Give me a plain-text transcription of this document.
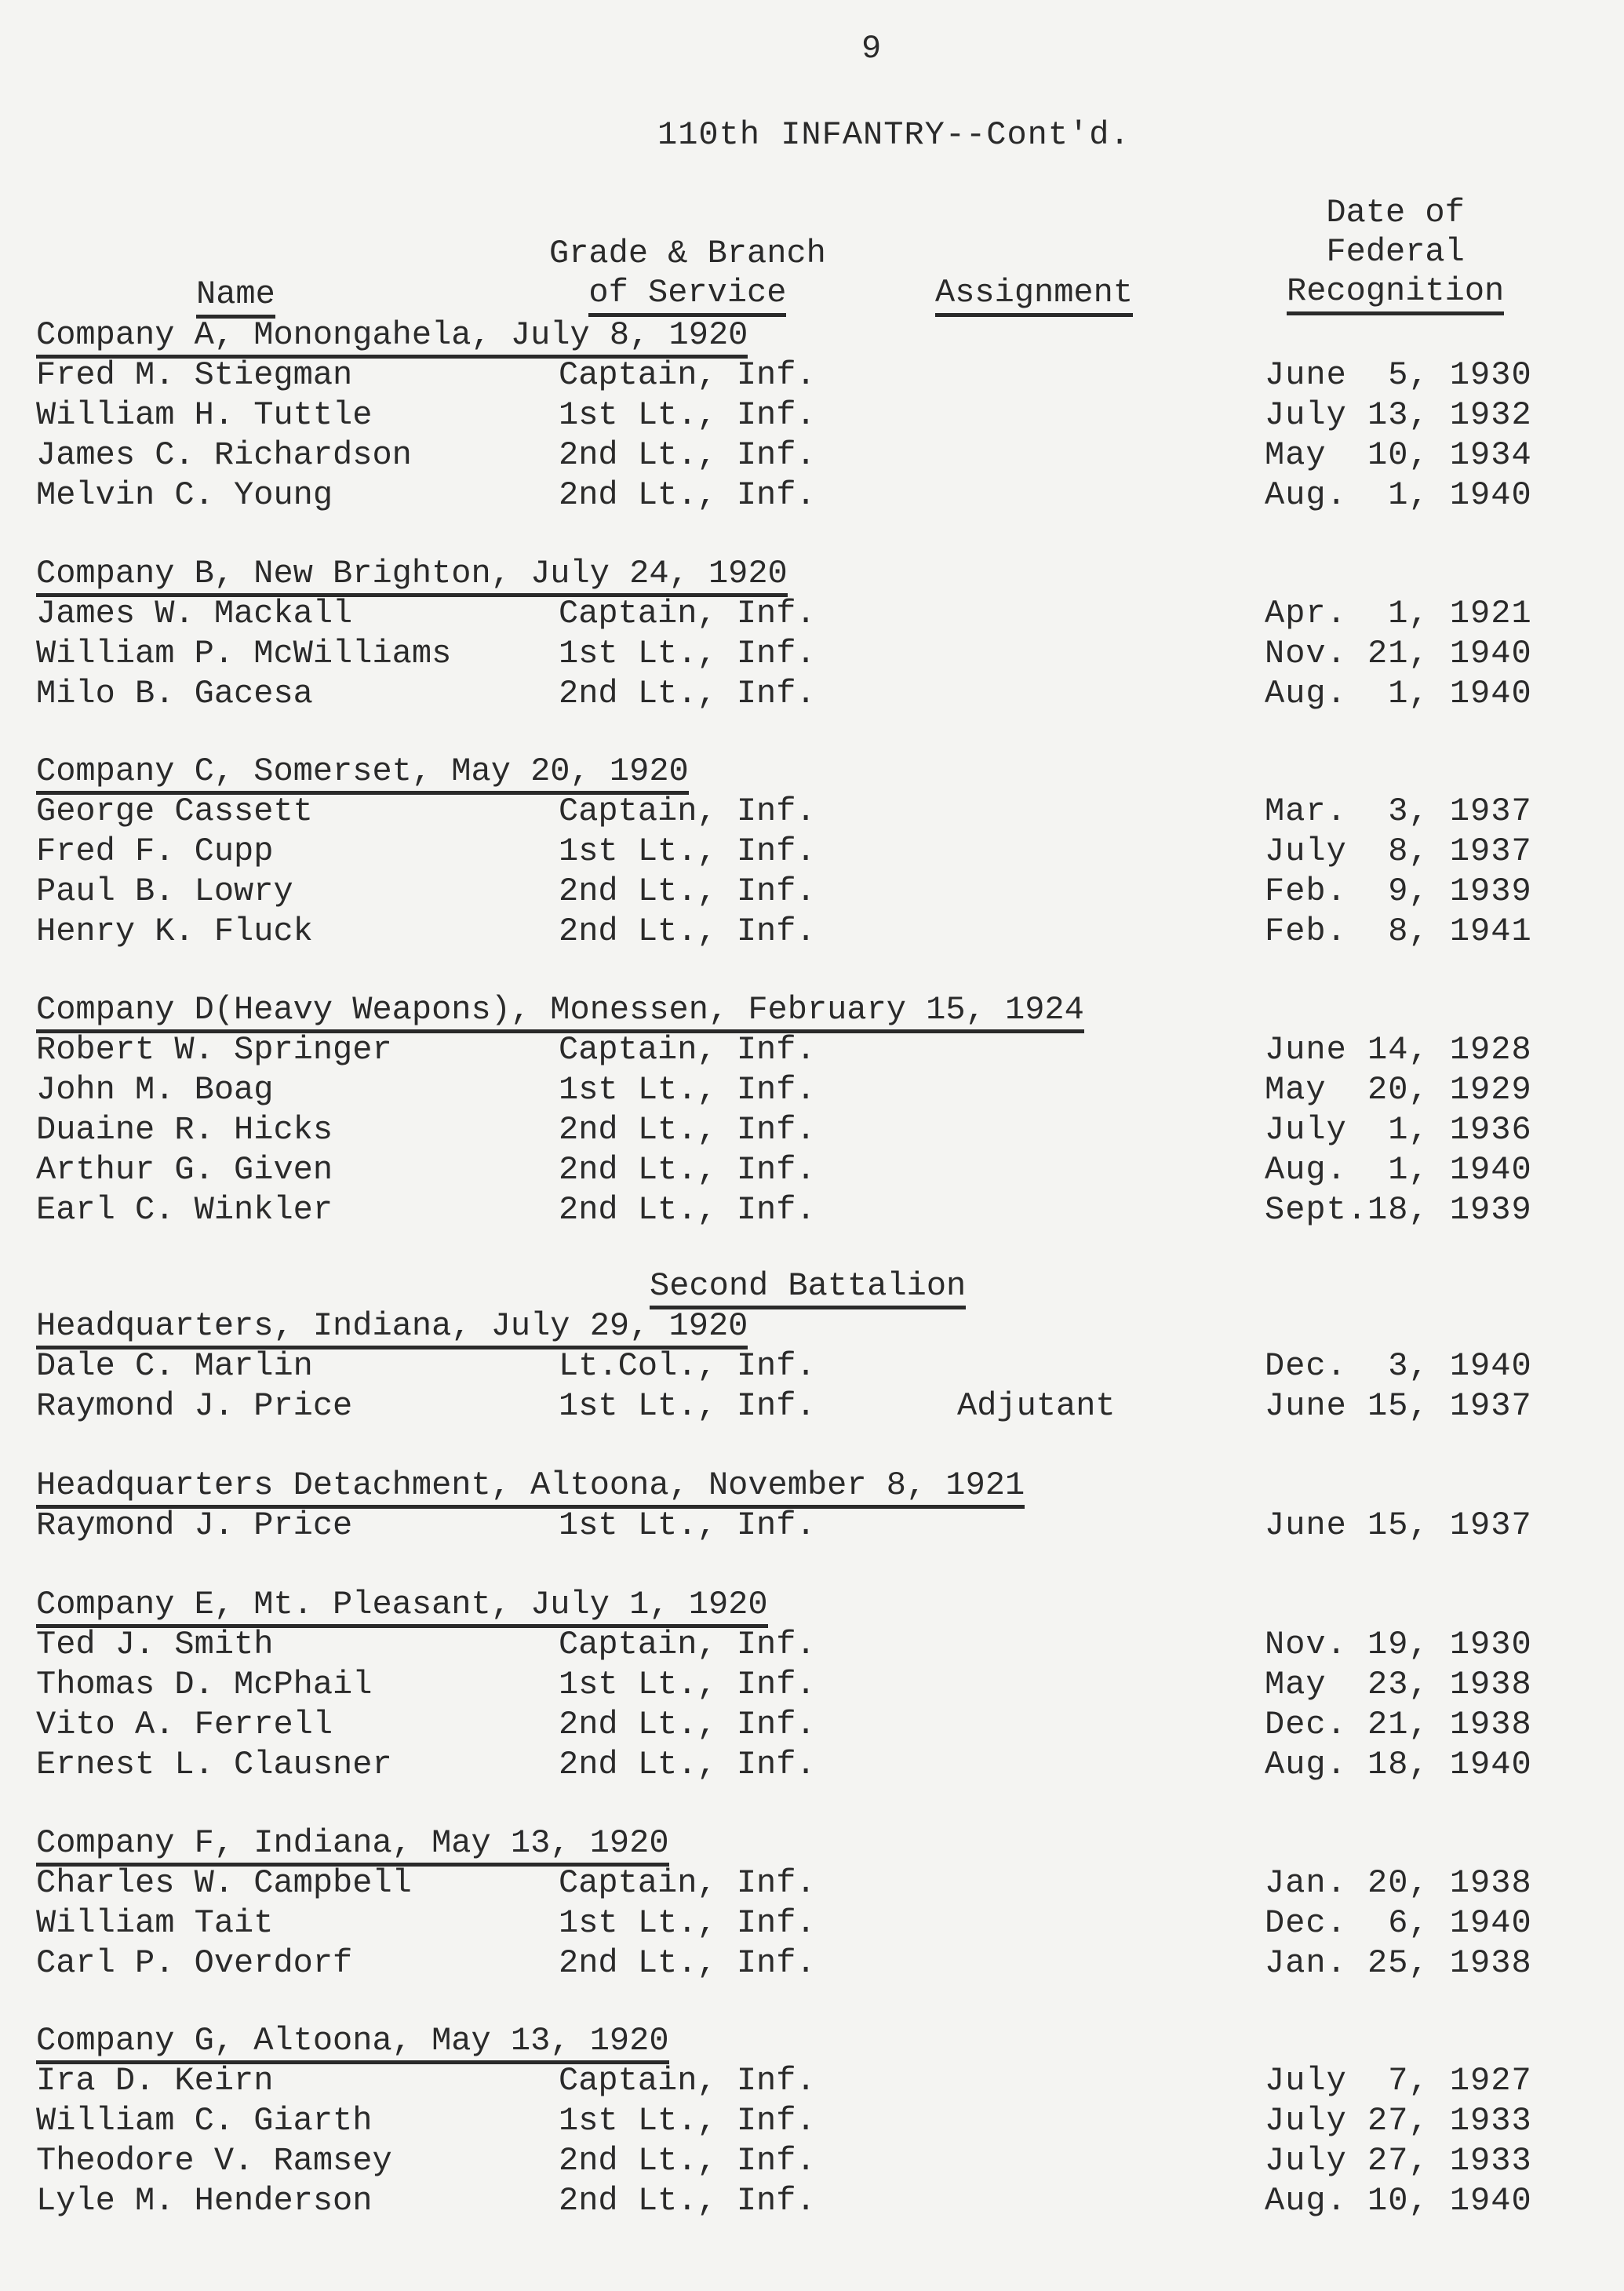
9
110th INFANTRY--Cont'd.
Name
Grade & Branch
of Service	Assignment
Date of
Federal
Recognition
Company A, Monongahela, July 8, 1920
Fred M. Stiegman	Captain, Inf.	June  5, 1930
William H. Tuttle	1st Lt., Inf.	July 13, 1932
James C. Richardson	2nd Lt., Inf.	May  10, 1934
Melvin C. Young	2nd Lt., Inf.	Aug.  1, 1940
Company B, New Brighton, July 24, 1920
James W. Mackall	Captain, Inf.	Apr.  1, 1921
William P. McWilliams	1st Lt., Inf.	Nov. 21, 1940
Milo B. Gacesa	2nd Lt., Inf.	Aug.  1, 1940
Company C, Somerset, May 20, 1920
George Cassett	Captain, Inf.	Mar.  3, 1937
Fred F. Cupp	1st Lt., Inf.	July  8, 1937
Paul B. Lowry	2nd Lt., Inf.	Feb.  9, 1939
Henry K. Fluck	2nd Lt., Inf.	Feb.  8, 1941
Company D(Heavy Weapons), Monessen, February 15, 1924
Robert W. Springer	Captain, Inf.	June 14, 1928
John M. Boag	1st Lt., Inf.	May  20, 1929
Duaine R. Hicks	2nd Lt., Inf.	July  1, 1936
Arthur G. Given	2nd Lt., Inf.	Aug.  1, 1940
Earl C. Winkler	2nd Lt., Inf.	Sept.18, 1939
Second Battalion
Headquarters, Indiana, July 29, 1920
Dale C. Marlin	Lt.Col., Inf.	Dec.  3, 1940
Raymond J. Price	1st Lt., Inf.	Adjutant	June 15, 1937
Headquarters Detachment, Altoona, November 8, 1921
Raymond J. Price	1st Lt., Inf.	June 15, 1937
Company E, Mt. Pleasant, July 1, 1920
Ted J. Smith	Captain, Inf.	Nov. 19, 1930
Thomas D. McPhail	1st Lt., Inf.	May  23, 1938
Vito A. Ferrell	2nd Lt., Inf.	Dec. 21, 1938
Ernest L. Clausner	2nd Lt., Inf.	Aug. 18, 1940
Company F, Indiana, May 13, 1920
Charles W. Campbell	Captain, Inf.	Jan. 20, 1938
William Tait	1st Lt., Inf.	Dec.  6, 1940
Carl P. Overdorf	2nd Lt., Inf.	Jan. 25, 1938
Company G, Altoona, May 13, 1920
Ira D. Keirn	Captain, Inf.	July  7, 1927
William C. Giarth	1st Lt., Inf.	July 27, 1933
Theodore V. Ramsey	2nd Lt., Inf.	July 27, 1933
Lyle M. Henderson	2nd Lt., Inf.	Aug. 10, 1940
